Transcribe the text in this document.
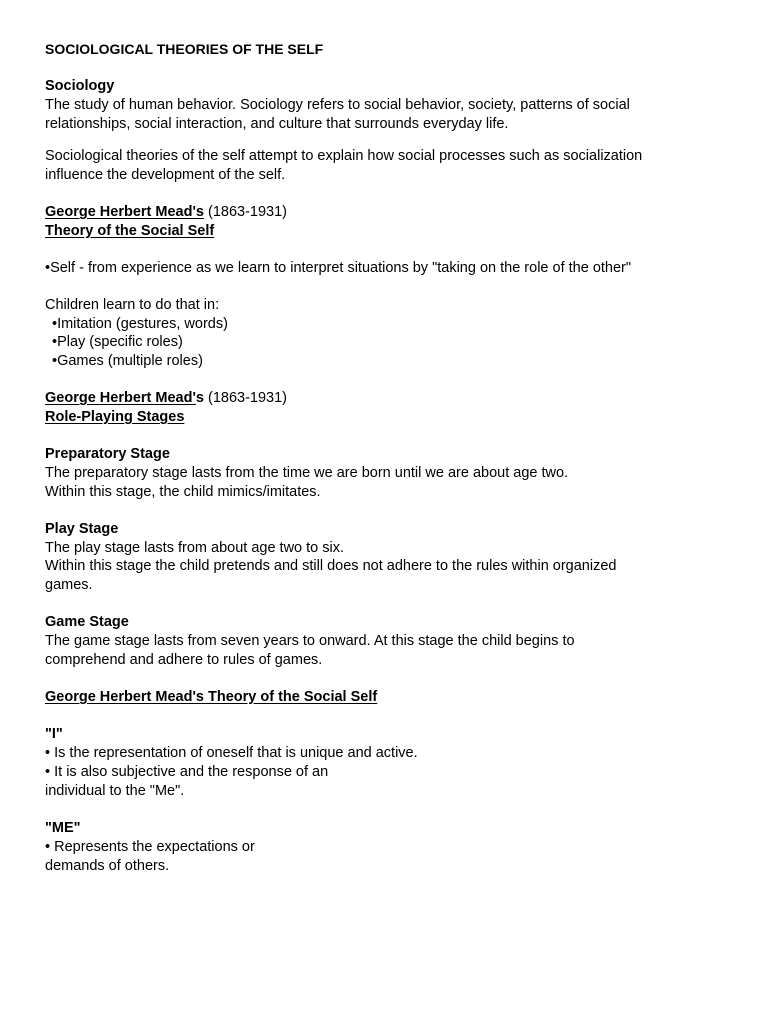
SOCIOLOGICAL THEORIES OF THE SELF

Sociology

The study of human behavior. Sociology refers to social behavior, society, patterns of social

relationships, social interaction, and culture that surrounds everyday life.

Sociological theories of the self attempt to explain how social processes such as socialization

influence the development of the self.

George Herbert Mead's (1863-1931)

Theory of the Social Self

•Self - from experience as we learn to interpret situations by "taking on the role of the other"

Children learn to do that in:

•Imitation (gestures, words)

•Play (specific roles)

•Games (multiple roles)

George Herbert Mead's (1863-1931)

Role-Playing Stages

Preparatory Stage

The preparatory stage lasts from the time we are born until we are about age two.

Within this stage, the child mimics/imitates.

Play Stage

The play stage lasts from about age two to six.

Within this stage the child pretends and still does not adhere to the rules within organized

games.

Game Stage

The game stage lasts from seven years to onward. At this stage the child begins to

comprehend and adhere to rules of games.

George Herbert Mead's Theory of the Social Self

"I"

• Is the representation of oneself that is unique and active.

• It is also subjective and the response of an

individual to the "Me".

"ME"

• Represents the expectations or

demands of others.
